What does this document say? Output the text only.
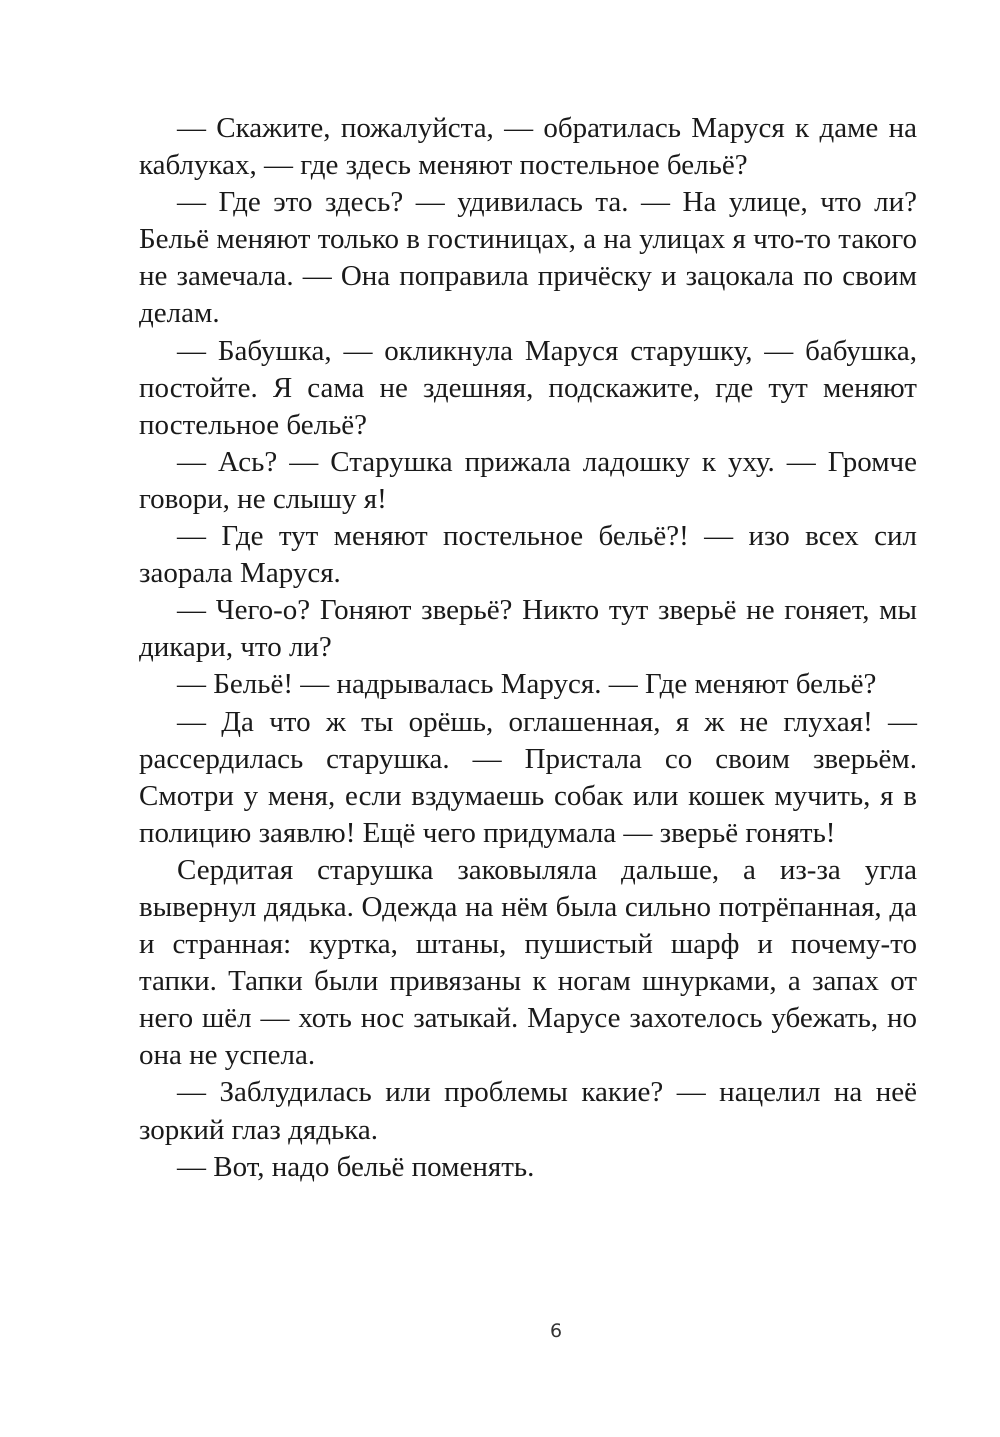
— Скажите, пожалуйста, — обратилась Маруся к даме на каблуках, — где здесь меняют постельное бельё?

— Где это здесь? — удивилась та. — На улице, что ли? Бельё меняют только в гостиницах, а на улицах я что-то такого не замечала. — Она поправила причёску и зацокала по своим делам.

— Бабушка, — окликнула Маруся старушку, — бабушка, постойте. Я сама не здешняя, подскажите, где тут меняют постельное бельё?

— Ась? — Старушка прижала ладошку к уху. — Громче говори, не слышу я!

— Где тут меняют постельное бельё?! — изо всех сил заорала Маруся.

— Чего-о? Гоняют зверьё? Никто тут зверьё не гоняет, мы дикари, что ли?

— Бельё! — надрывалась Маруся. — Где меняют бельё?

— Да что ж ты орёшь, оглашенная, я ж не глухая! — рассердилась старушка. — Пристала со своим зверьём. Смотри у меня, если вздумаешь собак или кошек мучить, я в полицию заявлю! Ещё чего придумала — зверьё гонять!

Сердитая старушка заковыляла дальше, а из-за угла вывернул дядька. Одежда на нём была сильно потрёпанная, да и странная: куртка, штаны, пушистый шарф и почему-то тапки. Тапки были привязаны к ногам шнурками, а запах от него шёл — хоть нос затыкай. Марусе захотелось убежать, но она не успела.

— Заблудилась или проблемы какие? — нацелил на неё зоркий глаз дядька.

— Вот, надо бельё поменять.

6
